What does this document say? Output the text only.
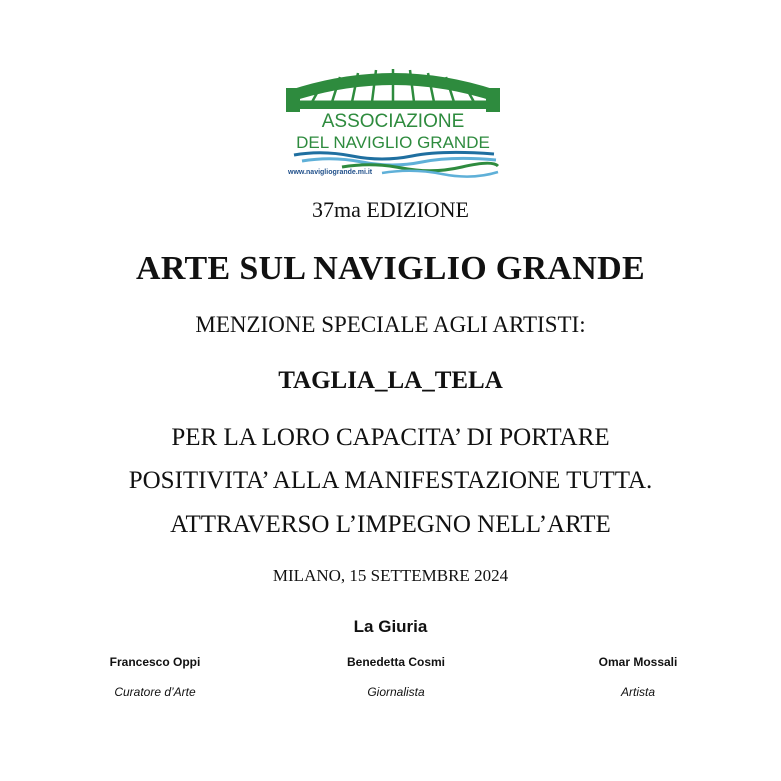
ASSOCIAZIONE
DEL NAVIGLIO GRANDE
www.navigliogrande.mi.it
37ma EDIZIONE
ARTE SUL NAVIGLIO GRANDE
MENZIONE SPECIALE AGLI ARTISTI:
TAGLIA_LA_TELA
PER LA LORO CAPACITA’ DI PORTARE
POSITIVITA’ ALLA MANIFESTAZIONE TUTTA.
ATTRAVERSO L’IMPEGNO NELL’ARTE
MILANO, 15 SETTEMBRE 2024
La Giuria
Francesco Oppi
Curatore d’Arte
Benedetta Cosmi
Giornalista
Omar Mossali
Artista
